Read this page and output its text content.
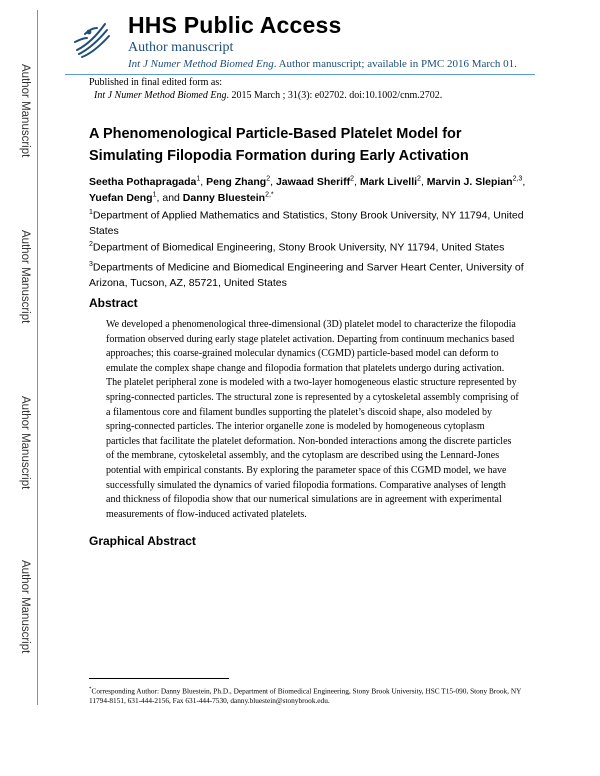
Author Manuscript
Author Manuscript
Author Manuscript
Author Manuscript
HHS Public Access
Author manuscript
Int J Numer Method Biomed Eng. Author manuscript; available in PMC 2016 March 01.
Published in final edited form as:
Int J Numer Method Biomed Eng. 2015 March ; 31(3): e02702. doi:10.1002/cnm.2702.
A Phenomenological Particle-Based Platelet Model for
Simulating Filopodia Formation during Early Activation
Seetha Pothapragada$^1$, Peng Zhang$^2$, Jawaad Sheriff$^2$, Mark Livelli$^2$, Marvin J. Slepian$^{2,3}$, Yuefan Deng$^1$, and Danny Bluestein$^{2,*}$
$^1$Department of Applied Mathematics and Statistics, Stony Brook University, NY 11794, United States
$^2$Department of Biomedical Engineering, Stony Brook University, NY 11794, United States
$^3$Departments of Medicine and Biomedical Engineering and Sarver Heart Center, University of Arizona, Tucson, AZ, 85721, United States
Abstract
We developed a phenomenological three-dimensional (3D) platelet model to characterize the filopodia formation observed during early stage platelet activation. Departing from continuum mechanics based approaches; this coarse-grained molecular dynamics (CGMD) particle-based model can deform to emulate the complex shape change and filopodia formation that platelets undergo during activation. The platelet peripheral zone is modeled with a two-layer homogeneous elastic structure represented by spring-connected particles. The structural zone is represented by a cytoskeletal assembly comprising of a filamentous core and filament bundles supporting the platelet’s discoid shape, also modeled by spring-connected particles. The interior organelle zone is modeled by homogeneous cytoplasm particles that facilitate the platelet deformation. Non-bonded interactions among the discrete particles of the membrane, cytoskeletal assembly, and the cytoplasm are described using the Lennard-Jones potential with empirical constants. By exploring the parameter space of this CGMD model, we have successfully simulated the dynamics of varied filopodia formations. Comparative analyses of length and thickness of filopodia show that our numerical simulations are in agreement with experimental measurements of flow-induced activated platelets.
Graphical Abstract
*Corresponding Author: Danny Bluestein, Ph.D., Department of Biomedical Engineering, Stony Brook University, HSC T15-090, Stony Brook, NY 11794-8151, 631-444-2156, Fax 631-444-7530, danny.bluestein@stonybrook.edu.
